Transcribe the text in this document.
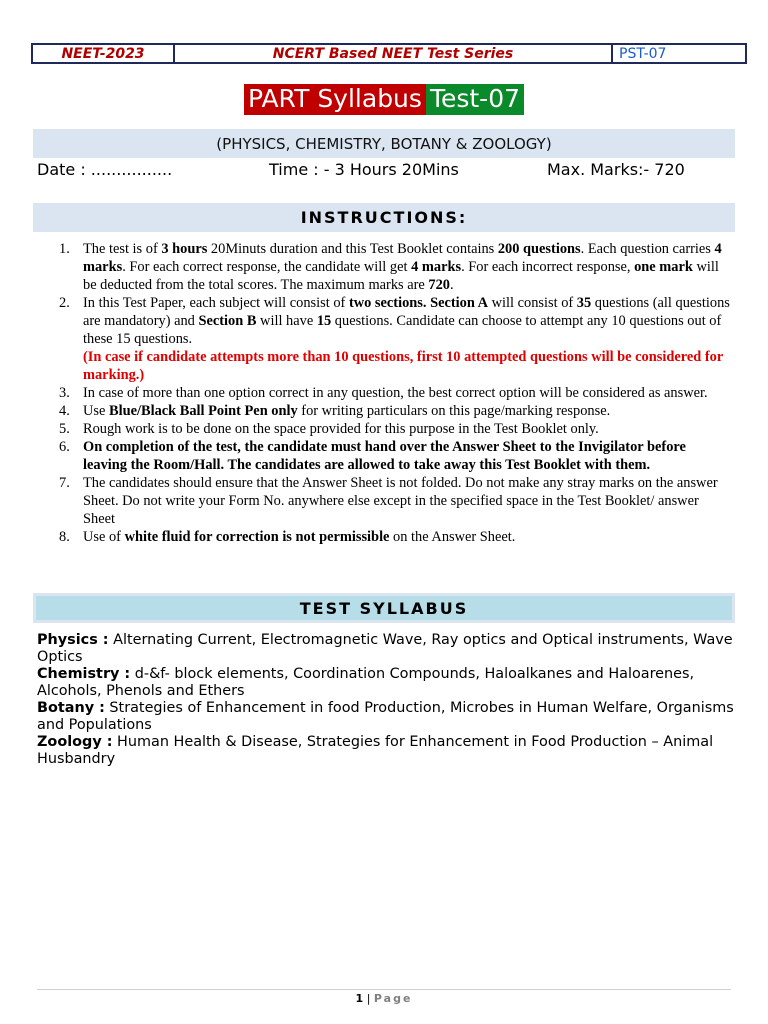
NEET-2023	NCERT Based NEET Test Series	PST-07
PART Syllabus Test-07
(PHYSICS, CHEMISTRY, BOTANY & ZOOLOGY)
Date : ................	Time : - 3 Hours 20Mins	Max. Marks:- 720
INSTRUCTIONS:
1. The test is of 3 hours 20Minuts duration and this Test Booklet contains 200 questions. Each question carries 4 marks. For each correct response, the candidate will get 4 marks. For each incorrect response, one mark will be deducted from the total scores. The maximum marks are 720.
2. In this Test Paper, each subject will consist of two sections. Section A will consist of 35 questions (all questions are mandatory) and Section B will have 15 questions. Candidate can choose to attempt any 10 questions out of these 15 questions.
(In case if candidate attempts more than 10 questions, first 10 attempted questions will be considered for marking.)
3. In case of more than one option correct in any question, the best correct option will be considered as answer.
4. Use Blue/Black Ball Point Pen only for writing particulars on this page/marking response.
5. Rough work is to be done on the space provided for this purpose in the Test Booklet only.
6. On completion of the test, the candidate must hand over the Answer Sheet to the Invigilator before leaving the Room/Hall. The candidates are allowed to take away this Test Booklet with them.
7. The candidates should ensure that the Answer Sheet is not folded. Do not make any stray marks on the answer Sheet. Do not write your Form No. anywhere else except in the specified space in the Test Booklet/ answer Sheet
8. Use of white fluid for correction is not permissible on the Answer Sheet.
TEST SYLLABUS

Physics : Alternating Current, Electromagnetic Wave, Ray optics and Optical instruments, Wave Optics

Chemistry : d-&f- block elements, Coordination Compounds, Haloalkanes and Haloarenes, Alcohols, Phenols and Ethers

Botany : Strategies of Enhancement in food Production, Microbes in Human Welfare, Organisms and Populations

Zoology : Human Health & Disease, Strategies for Enhancement in Food Production – Animal Husbandry

1 | Page
